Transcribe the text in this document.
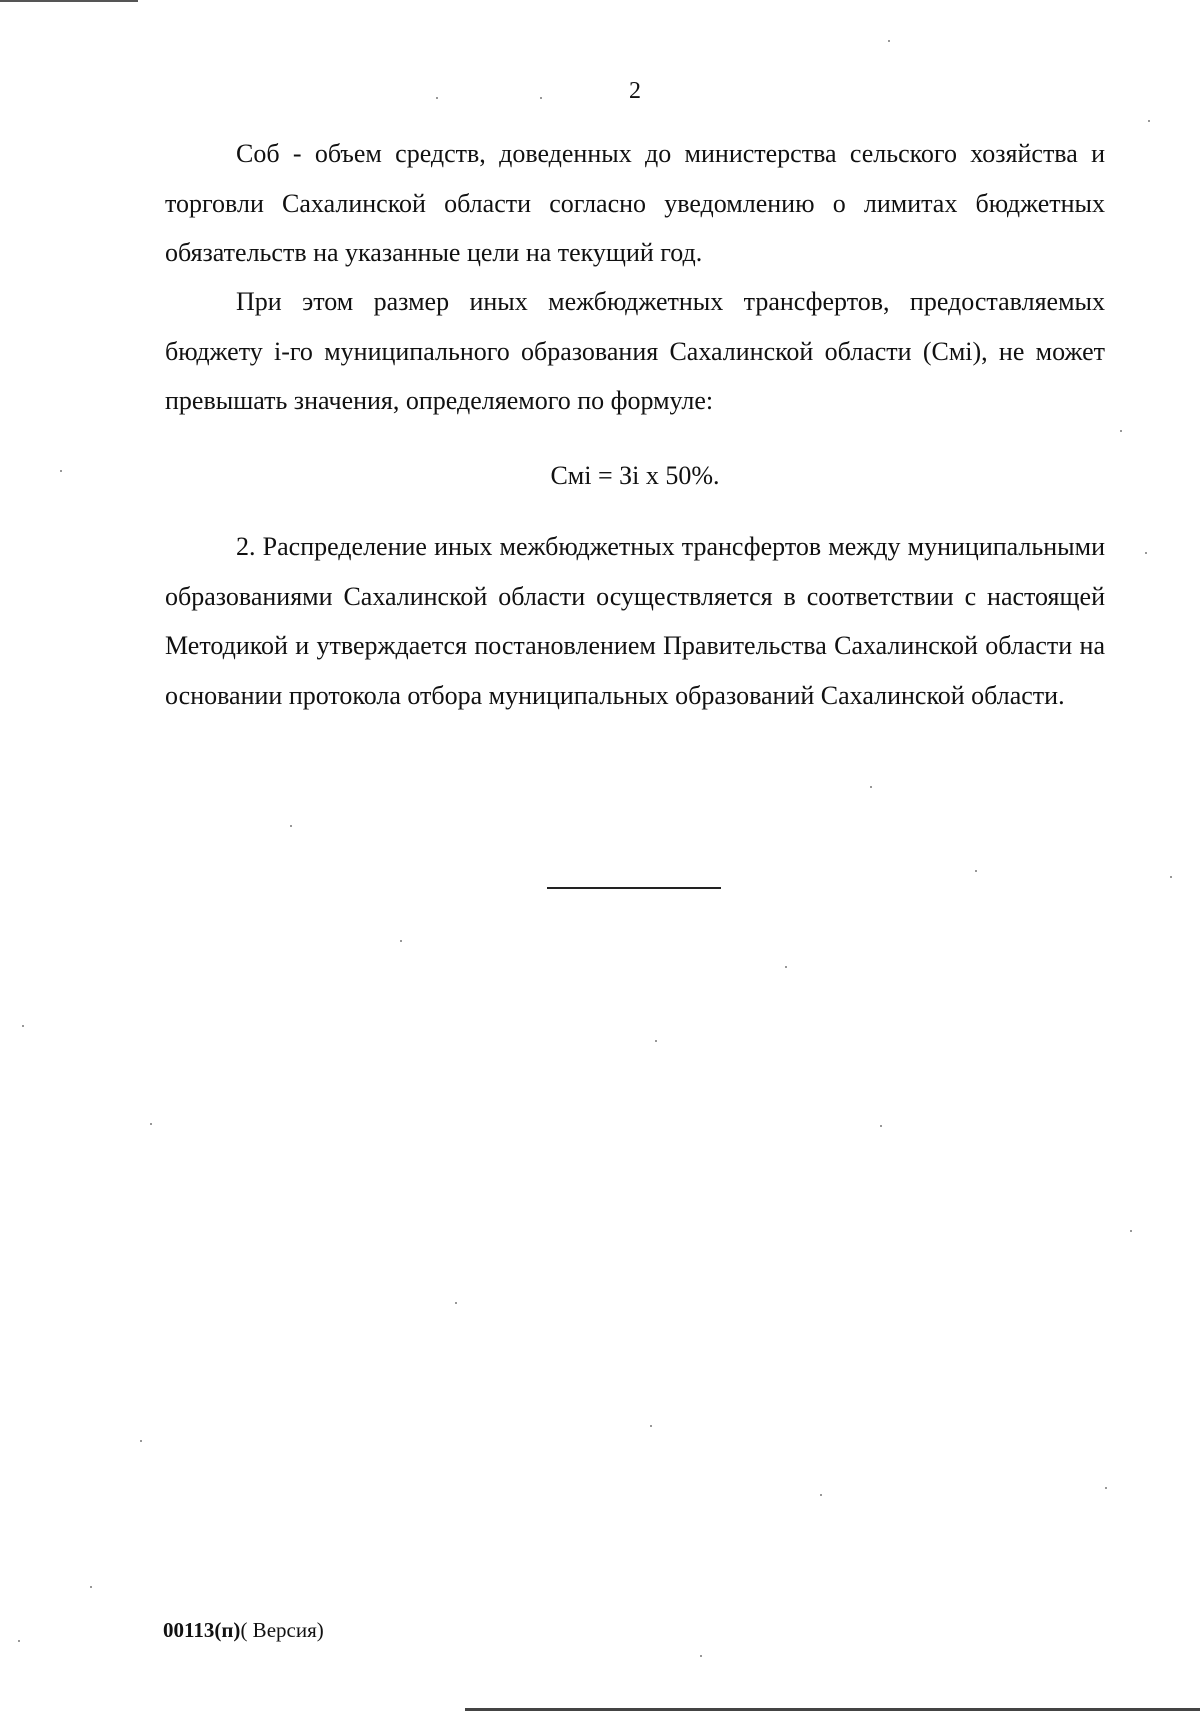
2

Соб - объем средств, доведенных до министерства сельского хозяйства и торговли Сахалинской области согласно уведомлению о лимитах бюджетных обязательств на указанные цели на текущий год.

При этом размер иных межбюджетных трансфертов, предоставляемых бюджету i-го муниципального образования Сахалинской области (Смi), не может превышать значения, определяемого по формуле:

Смi = Зi х 50%.

2. Распределение иных межбюджетных трансфертов между муниципальными образованиями Сахалинской области осуществляется в соответствии с настоящей Методикой и утверждается постановлением Правительства Сахалинской области на основании протокола отбора муниципальных образований Сахалинской области.

00113(п)( Версия)
